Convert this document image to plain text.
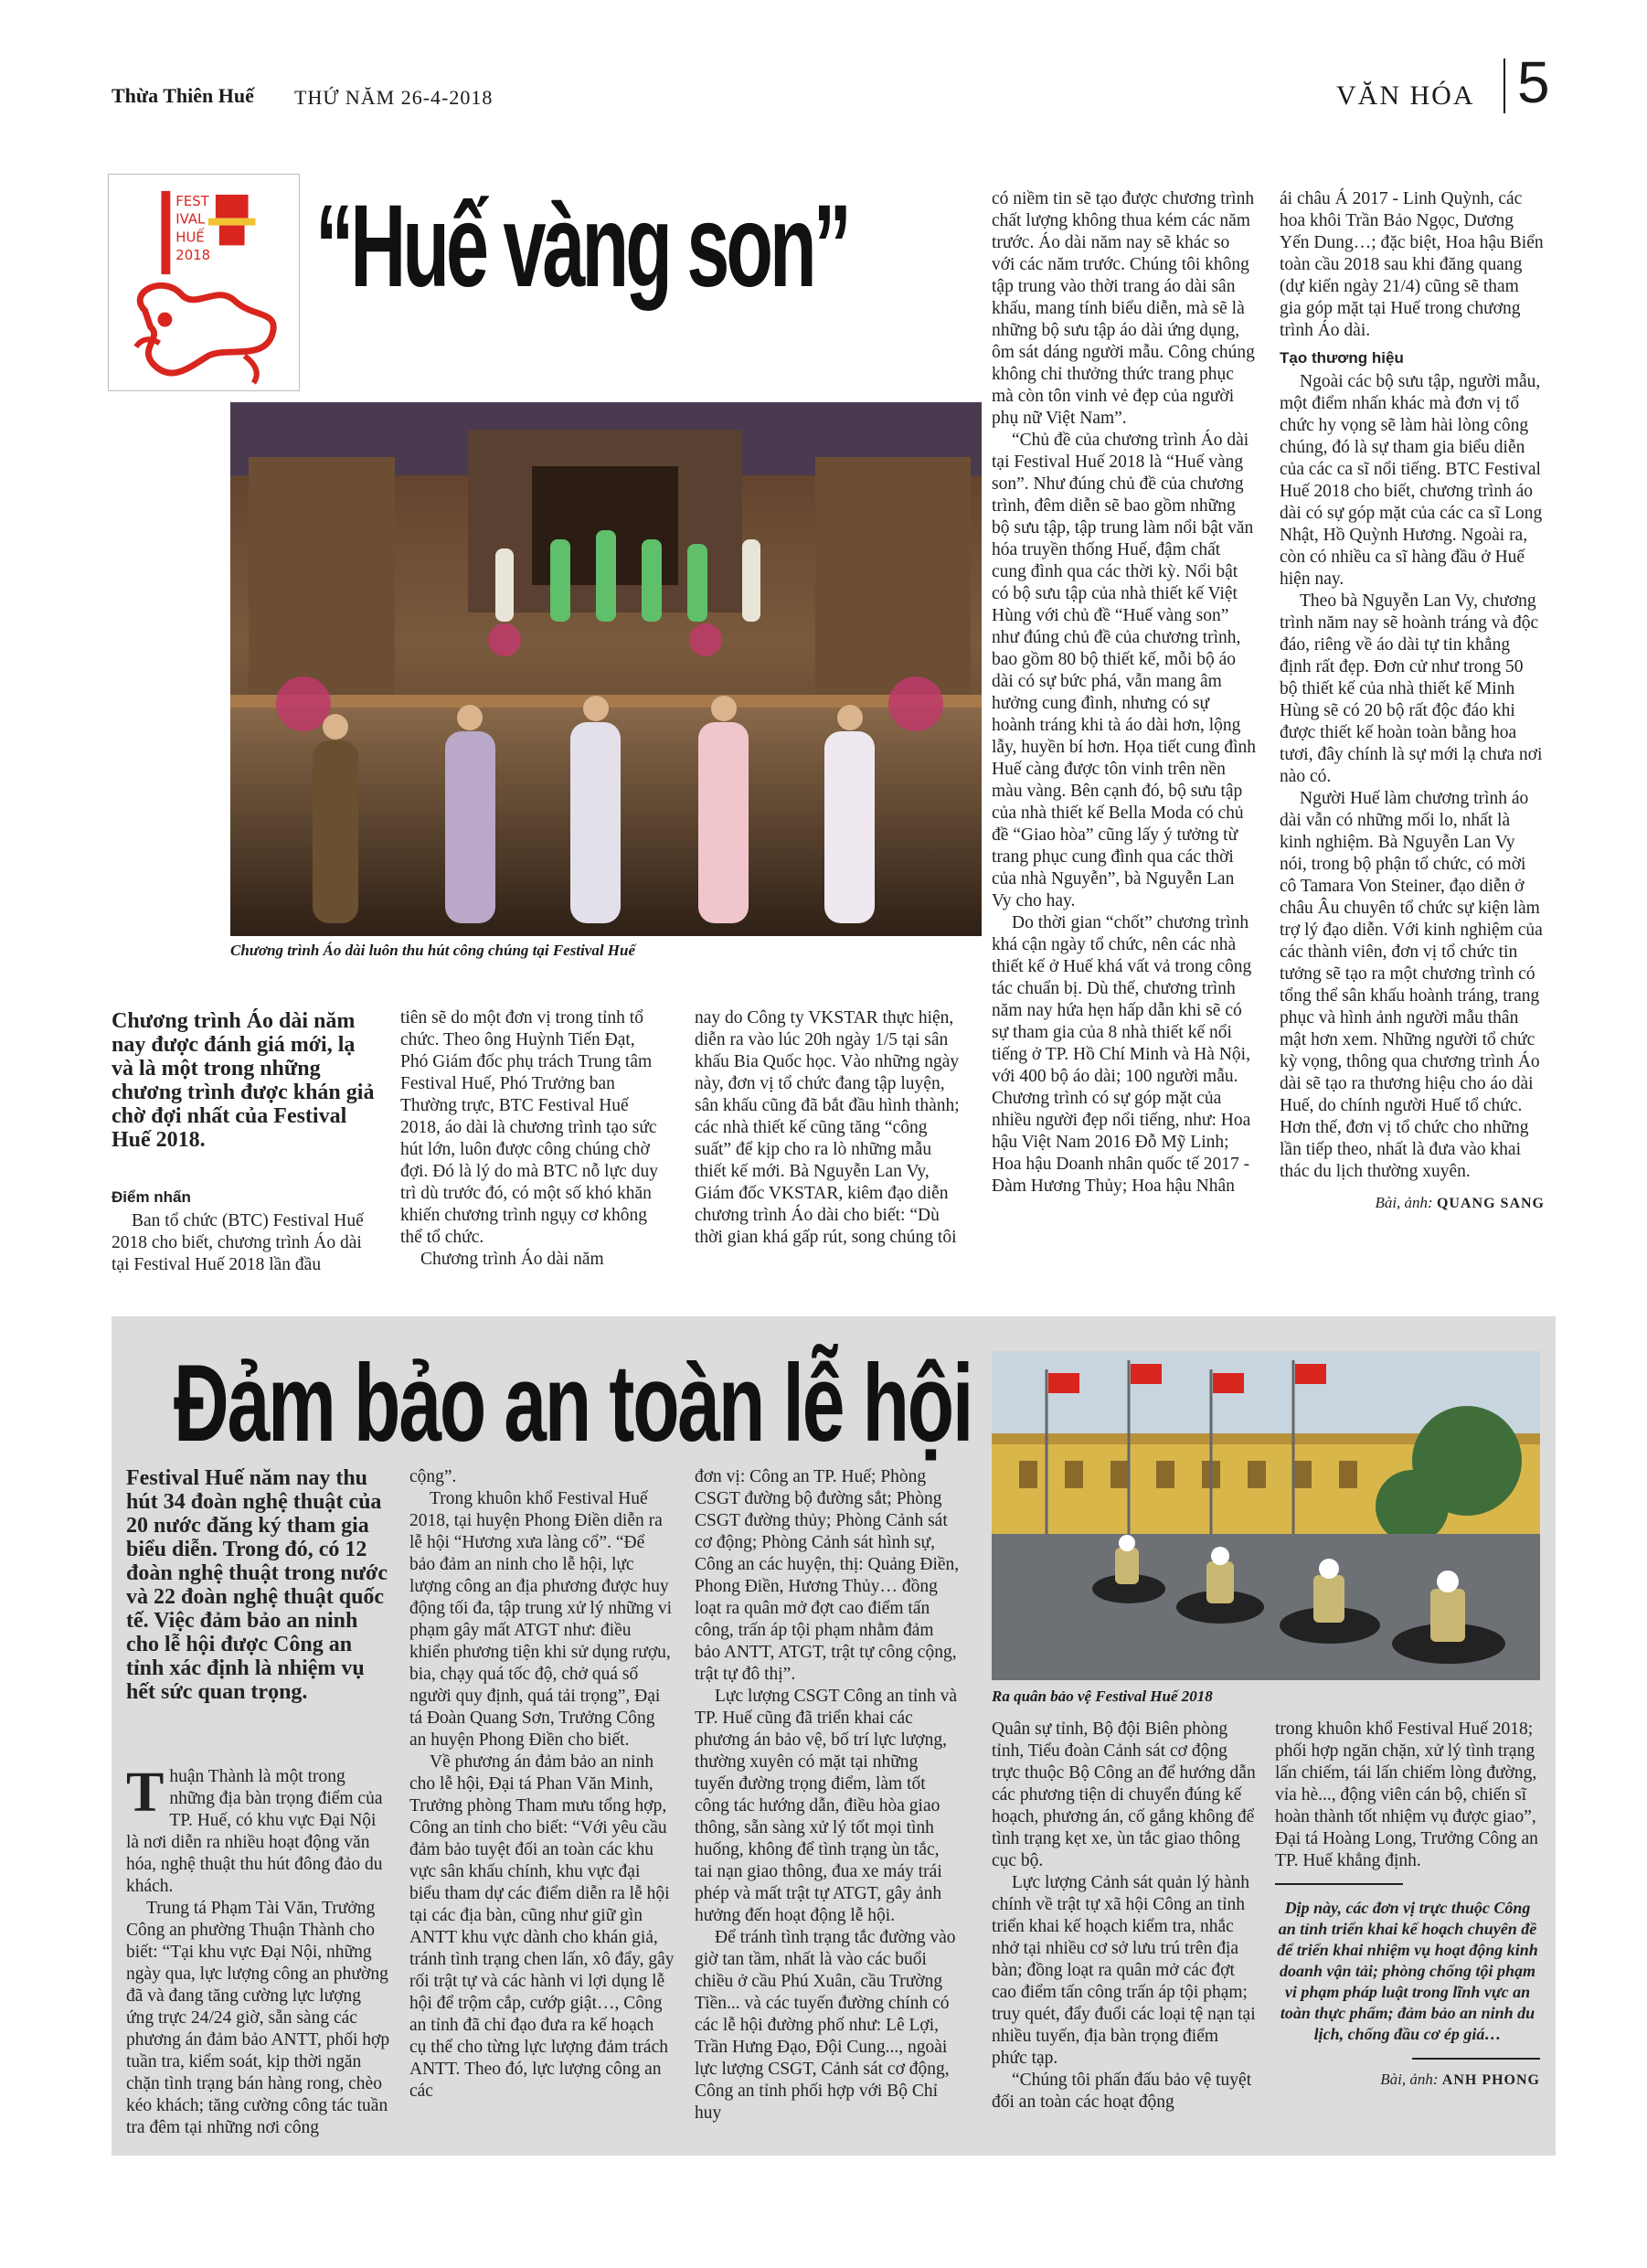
Thừa Thiên Huế THỨ NĂM 26-4-2018	VĂN HÓA 5
FEST
IVAL
HUẾ
2018 “Huế vàng son”
Chương trình Áo dài luôn thu hút công chúng tại Festival Huế
Chương trình Áo dài năm nay được đánh giá mới, lạ và là một trong những chương trình được khán giả chờ đợi nhất của Festival Huế 2018.

Điểm nhấn

Ban tổ chức (BTC) Festival Huế 2018 cho biết, chương trình Áo dài tại Festival Huế 2018 lần đầu

tiên sẽ do một đơn vị trong tỉnh tổ chức. Theo ông Huỳnh Tiến Đạt, Phó Giám đốc phụ trách Trung tâm Festival Huế, Phó Trưởng ban Thường trực, BTC Festival Huế 2018, áo dài là chương trình tạo sức hút lớn, luôn được công chúng chờ đợi. Đó là lý do mà BTC nỗ lực duy trì dù trước đó, có một số khó khăn khiến chương trình ngụy cơ không thể tổ chức.

Chương trình Áo dài năm

nay do Công ty VKSTAR thực hiện, diễn ra vào lúc 20h ngày 1/5 tại sân khấu Bia Quốc học. Vào những ngày này, đơn vị tổ chức đang tập luyện, sân khấu cũng đã bắt đầu hình thành; các nhà thiết kế cũng tăng “công suất” để kịp cho ra lò những mẫu thiết kế mới. Bà Nguyễn Lan Vy, Giám đốc VKSTAR, kiêm đạo diễn chương trình Áo dài cho biết: “Dù thời gian khá gấp rút, song chúng tôi

có niềm tin sẽ tạo được chương trình chất lượng không thua kém các năm trước. Áo dài năm nay sẽ khác so với các năm trước. Chúng tôi không tập trung vào thời trang áo dài sân khấu, mang tính biểu diễn, mà sẽ là những bộ sưu tập áo dài ứng dụng, ôm sát dáng người mẫu. Công chúng không chỉ thưởng thức trang phục mà còn tôn vinh vẻ đẹp của người phụ nữ Việt Nam”.

“Chủ đề của chương trình Áo dài tại Festival Huế 2018 là “Huế vàng son”. Như đúng chủ đề của chương trình, đêm diễn sẽ bao gồm những bộ sưu tập, tập trung làm nổi bật văn hóa truyền thống Huế, đậm chất cung đình qua các thời kỳ. Nổi bật có bộ sưu tập của nhà thiết kế Việt Hùng với chủ đề “Huế vàng son” như đúng chủ đề của chương trình, bao gồm 80 bộ thiết kế, mỗi bộ áo dài có sự bức phá, vẫn mang âm hưởng cung đình, nhưng có sự hoành tráng khi tà áo dài hơn, lộng lẫy, huyền bí hơn. Họa tiết cung đình Huế càng được tôn vinh trên nền màu vàng. Bên cạnh đó, bộ sưu tập của nhà thiết kế Bella Moda có chủ đề “Giao hòa” cũng lấy ý tưởng từ trang phục cung đình qua các thời của nhà Nguyễn”, bà Nguyễn Lan Vy cho hay.

Do thời gian “chốt” chương trình khá cận ngày tổ chức, nên các nhà thiết kế ở Huế khá vất vả trong công tác chuẩn bị. Dù thế, chương trình năm nay hứa hẹn hấp dẫn khi sẽ có sự tham gia của 8 nhà thiết kế nổi tiếng ở TP. Hồ Chí Minh và Hà Nội, với 400 bộ áo dài; 100 người mẫu. Chương trình có sự góp mặt của nhiều người đẹp nổi tiếng, như: Hoa hậu Việt Nam 2016 Đỗ Mỹ Linh; Hoa hậu Doanh nhân quốc tế 2017 - Đàm Hương Thủy; Hoa hậu Nhân

ái châu Á 2017 - Linh Quỳnh, các hoa khôi Trần Bảo Ngọc, Dương Yến Dung…; đặc biệt, Hoa hậu Biển toàn cầu 2018 sau khi đăng quang (dự kiến ngày 21/4) cũng sẽ tham gia góp mặt tại Huế trong chương trình Áo dài.

Tạo thương hiệu

Ngoài các bộ sưu tập, người mẫu, một điểm nhấn khác mà đơn vị tổ chức hy vọng sẽ làm hài lòng công chúng, đó là sự tham gia biểu diễn của các ca sĩ nổi tiếng. BTC Festival Huế 2018 cho biết, chương trình áo dài có sự góp mặt của các ca sĩ Long Nhật, Hồ Quỳnh Hương. Ngoài ra, còn có nhiều ca sĩ hàng đầu ở Huế hiện nay.

Theo bà Nguyễn Lan Vy, chương trình năm nay sẽ hoành tráng và độc đáo, riêng về áo dài tự tin khẳng định rất đẹp. Đơn cử như trong 50 bộ thiết kế của nhà thiết kế Minh Hùng sẽ có 20 bộ rất độc đáo khi được thiết kế hoàn toàn bằng hoa tươi, đây chính là sự mới lạ chưa nơi nào có.

Người Huế làm chương trình áo dài vẫn có những mối lo, nhất là kinh nghiệm. Bà Nguyễn Lan Vy nói, trong bộ phận tổ chức, có mời cô Tamara Von Steiner, đạo diễn ở châu Âu chuyên tổ chức sự kiện làm trợ lý đạo diễn. Với kinh nghiệm của các thành viên, đơn vị tổ chức tin tưởng sẽ tạo ra một chương trình có tổng thể sân khấu hoành tráng, trang phục và hình ảnh người mẫu thân mật hơn xem. Những người tổ chức kỳ vọng, thông qua chương trình Áo dài sẽ tạo ra thương hiệu cho áo dài Huế, do chính người Huế tổ chức. Hơn thế, đơn vị tổ chức cho những lần tiếp theo, nhất là đưa vào khai thác du lịch thường xuyên.

Bài, ảnh: QUANG SANG
Đảm bảo an toàn lễ hội
Ra quân bảo vệ Festival Huế 2018
Festival Huế năm nay thu hút 34 đoàn nghệ thuật của 20 nước đăng ký tham gia biểu diễn. Trong đó, có 12 đoàn nghệ thuật trong nước và 22 đoàn nghệ thuật quốc tế. Việc đảm bảo an ninh cho lễ hội được Công an tỉnh xác định là nhiệm vụ hết sức quan trọng.

Thuận Thành là một trong những địa bàn trọng điểm của TP. Huế, có khu vực Đại Nội là nơi diễn ra nhiều hoạt động văn hóa, nghệ thuật thu hút đông đảo du khách.

Trung tá Phạm Tài Văn, Trưởng Công an phường Thuận Thành cho biết: “Tại khu vực Đại Nội, những ngày qua, lực lượng công an phường đã và đang tăng cường lực lượng ứng trực 24/24 giờ, sẵn sàng các phương án đảm bảo ANTT, phối hợp tuần tra, kiểm soát, kịp thời ngăn chặn tình trạng bán hàng rong, chèo kéo khách; tăng cường công tác tuần tra đêm tại những nơi công

cộng”.

Trong khuôn khổ Festival Huế 2018, tại huyện Phong Điền diễn ra lễ hội “Hương xưa làng cổ”. “Để bảo đảm an ninh cho lễ hội, lực lượng công an địa phương được huy động tối đa, tập trung xử lý những vi phạm gây mất ATGT như: điều khiển phương tiện khi sử dụng rượu, bia, chạy quá tốc độ, chở quá số người quy định, quá tải trọng”, Đại tá Đoàn Quang Sơn, Trưởng Công an huyện Phong Điền cho biết.

Về phương án đảm bảo an ninh cho lễ hội, Đại tá Phan Văn Minh, Trưởng phòng Tham mưu tổng hợp, Công an tỉnh cho biết: “Với yêu cầu đảm bảo tuyệt đối an toàn các khu vực sân khấu chính, khu vực đại biểu tham dự các điểm diễn ra lễ hội tại các địa bàn, cũng như giữ gìn ANTT khu vực dành cho khán giả, tránh tình trạng chen lấn, xô đẩy, gây rối trật tự và các hành vi lợi dụng lễ hội để trộm cắp, cướp giật…, Công an tỉnh đã chỉ đạo đưa ra kế hoạch cụ thể cho từng lực lượng đảm trách ANTT. Theo đó, lực lượng công an các

đơn vị: Công an TP. Huế; Phòng CSGT đường bộ đường sắt; Phòng CSGT đường thủy; Phòng Cảnh sát cơ động; Phòng Cảnh sát hình sự, Công an các huyện, thị: Quảng Điền, Phong Điền, Hương Thủy… đồng loạt ra quân mở đợt cao điểm tấn công, trấn áp tội phạm nhằm đảm bảo ANTT, ATGT, trật tự công cộng, trật tự đô thị”.

Lực lượng CSGT Công an tỉnh và TP. Huế cũng đã triển khai các phương án bảo vệ, bố trí lực lượng, thường xuyên có mặt tại những tuyến đường trọng điểm, làm tốt công tác hướng dẫn, điều hòa giao thông, sẵn sàng xử lý tốt mọi tình huống, không để tình trạng ùn tắc, tai nạn giao thông, đua xe máy trái phép và mất trật tự ATGT, gây ảnh hưởng đến hoạt động lễ hội.

Để tránh tình trạng tắc đường vào giờ tan tầm, nhất là vào các buổi chiều ở cầu Phú Xuân, cầu Trường Tiền... và các tuyến đường chính có các lễ hội đường phố như: Lê Lợi, Trần Hưng Đạo, Đội Cung..., ngoài lực lượng CSGT, Cảnh sát cơ động, Công an tỉnh phối hợp với Bộ Chỉ huy

Quân sự tỉnh, Bộ đội Biên phòng tỉnh, Tiểu đoàn Cảnh sát cơ động trực thuộc Bộ Công an để hướng dẫn các phương tiện di chuyển đúng kế hoạch, phương án, cố gắng không để tình trạng kẹt xe, ùn tắc giao thông cục bộ.

Lực lượng Cảnh sát quản lý hành chính về trật tự xã hội Công an tỉnh triển khai kế hoạch kiểm tra, nhắc nhở tại nhiều cơ sở lưu trú trên địa bàn; đồng loạt ra quân mở các đợt cao điểm tấn công trấn áp tội phạm; truy quét, đẩy đuổi các loại tệ nạn tại nhiều tuyến, địa bàn trọng điểm phức tạp.

“Chúng tôi phấn đấu bảo vệ tuyệt đối an toàn các hoạt động

trong khuôn khổ Festival Huế 2018; phối hợp ngăn chặn, xử lý tình trạng lấn chiếm, tái lấn chiếm lòng đường, vỉa hè..., động viên cán bộ, chiến sĩ hoàn thành tốt nhiệm vụ được giao”, Đại tá Hoàng Long, Trưởng Công an TP. Huế khẳng định.

Dịp này, các đơn vị trực thuộc Công an tỉnh triển khai kế hoạch chuyên đề để triển khai nhiệm vụ hoạt động kinh doanh vận tải; phòng chống tội phạm vi phạm pháp luật trong lĩnh vực an toàn thực phẩm; đảm bảo an ninh du lịch, chống đầu cơ ép giá…

Bài, ảnh: ANH PHONG
